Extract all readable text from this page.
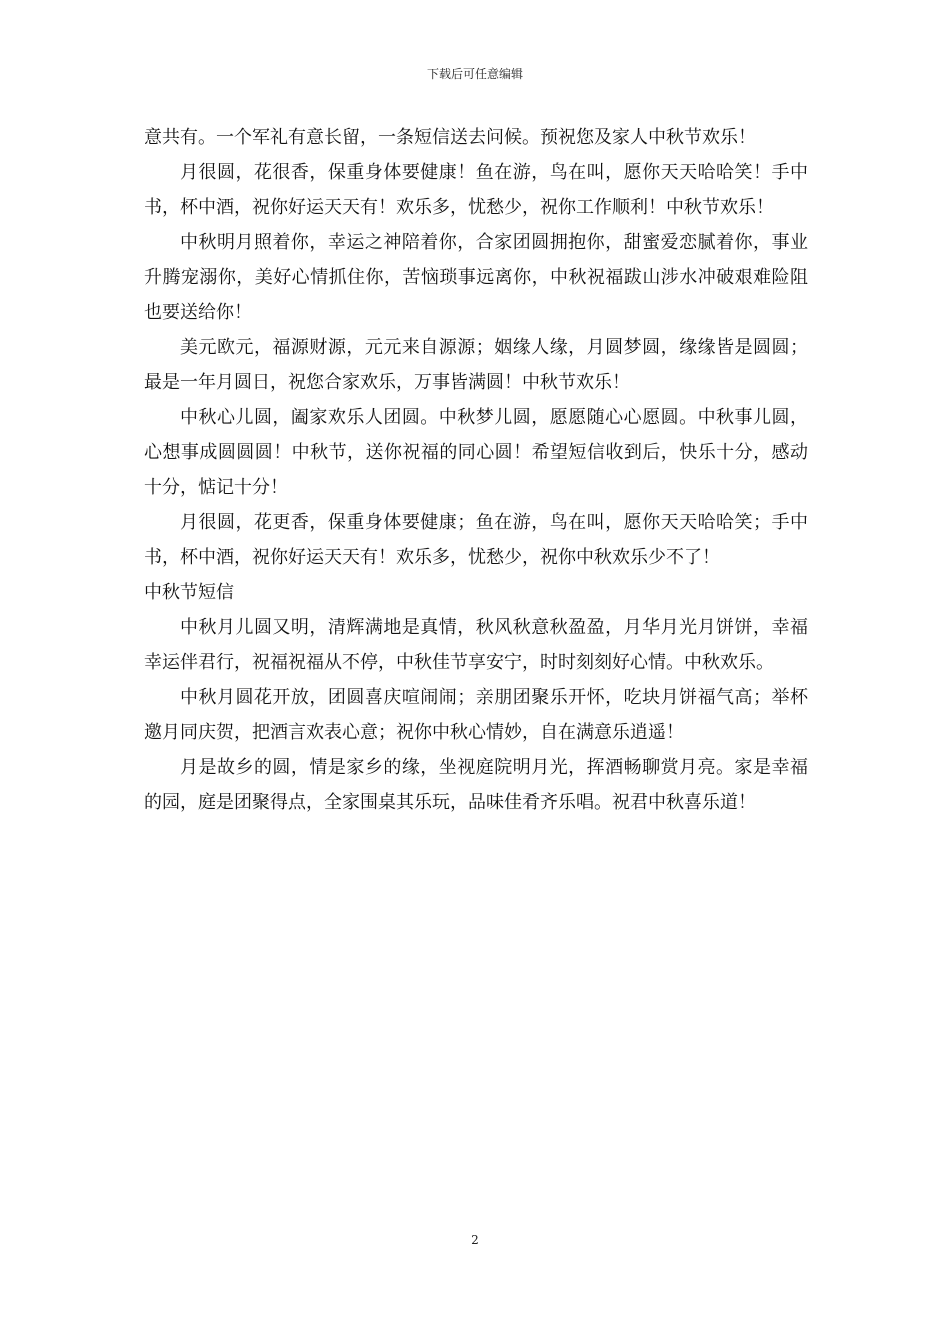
下载后可任意编辑

意共有。一个军礼有意长留，一条短信送去问候。预祝您及家人中秋节欢乐！

月很圆，花很香，保重身体要健康！鱼在游，鸟在叫，愿你天天哈哈笑！手中书，杯中酒，祝你好运天天有！欢乐多，忧愁少，祝你工作顺利！中秋节欢乐！

中秋明月照着你，幸运之神陪着你，合家团圆拥抱你，甜蜜爱恋腻着你，事业升腾宠溺你，美好心情抓住你，苦恼琐事远离你，中秋祝福跋山涉水冲破艰难险阻也要送给你！

美元欧元，福源财源，元元来自源源；姻缘人缘，月圆梦圆，缘缘皆是圆圆；最是一年月圆日，祝您合家欢乐，万事皆满圆！中秋节欢乐！

中秋心儿圆，阖家欢乐人团圆。中秋梦儿圆，愿愿随心心愿圆。中秋事儿圆，心想事成圆圆圆！中秋节，送你祝福的同心圆！希望短信收到后，快乐十分，感动十分，惦记十分！

月很圆，花更香，保重身体要健康；鱼在游，鸟在叫，愿你天天哈哈笑；手中书，杯中酒，祝你好运天天有！欢乐多，忧愁少，祝你中秋欢乐少不了！

中秋节短信

中秋月儿圆又明，清辉满地是真情，秋风秋意秋盈盈，月华月光月饼饼，幸福幸运伴君行，祝福祝福从不停，中秋佳节享安宁，时时刻刻好心情。中秋欢乐。

中秋月圆花开放，团圆喜庆喧闹闹；亲朋团聚乐开怀，吃块月饼福气高；举杯邀月同庆贺，把酒言欢表心意；祝你中秋心情妙，自在满意乐逍遥！

月是故乡的圆，情是家乡的缘，坐视庭院明月光，挥酒畅聊赏月亮。家是幸福的园，庭是团聚得点，全家围桌其乐玩，品味佳肴齐乐唱。祝君中秋喜乐道！

2
